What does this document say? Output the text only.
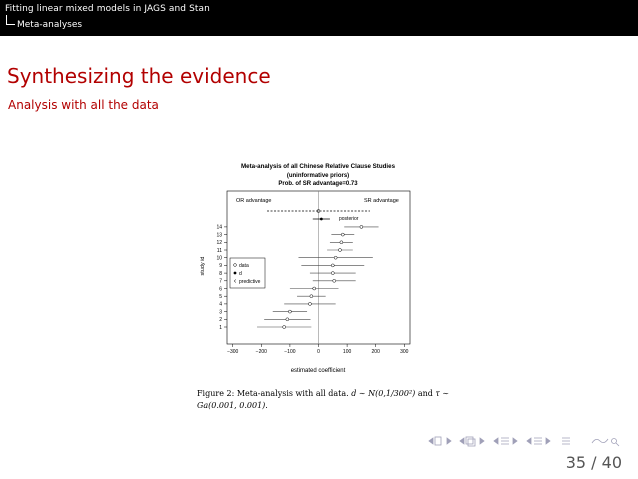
Fitting linear mixed models in JAGS and Stan
Meta-analyses
Synthesizing the evidence
Analysis with all the data
Meta-analysis of all Chinese Relative Clause Studies
(uninformative priors)
Prob. of SR advantage=0.73
−300	−200	−100	0	100	200	300
1
2
3
4
5
6
7
8
9
10
11
12
13
14
OR advantage	SR advantage
posterior
data
d
predictive
estimated coefficient
study id
Figure 2: Meta-analysis with all data. d ∼ N(0,1/300²) and τ ∼ Ga(0.001, 0.001).
35 / 40
